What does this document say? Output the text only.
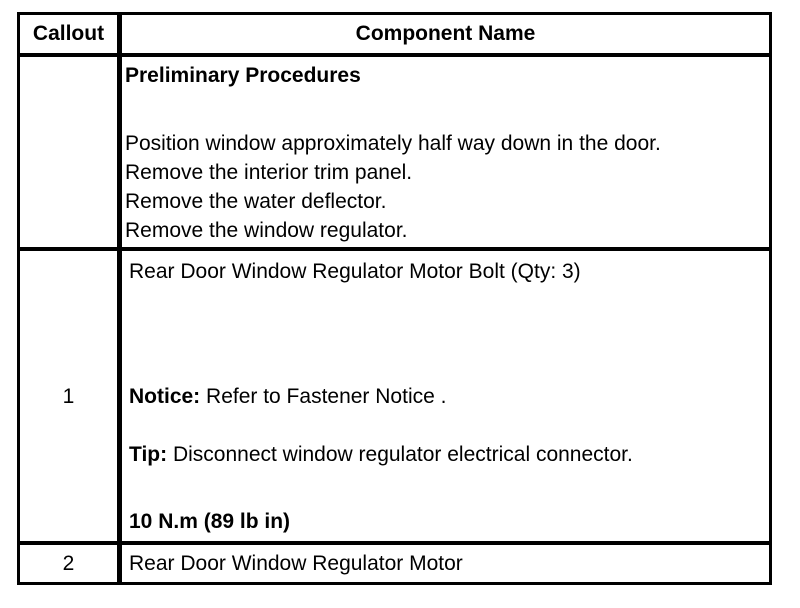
Callout	Component Name
Preliminary Procedures
Position window approximately half way down in the door.
Remove the interior trim panel.
Remove the water deflector.
Remove the window regulator.
1
Rear Door Window Regulator Motor Bolt (Qty: 3)
Notice: Refer to Fastener Notice .
Tip: Disconnect window regulator electrical connector.
10 N.m (89 lb in)
2	Rear Door Window Regulator Motor
